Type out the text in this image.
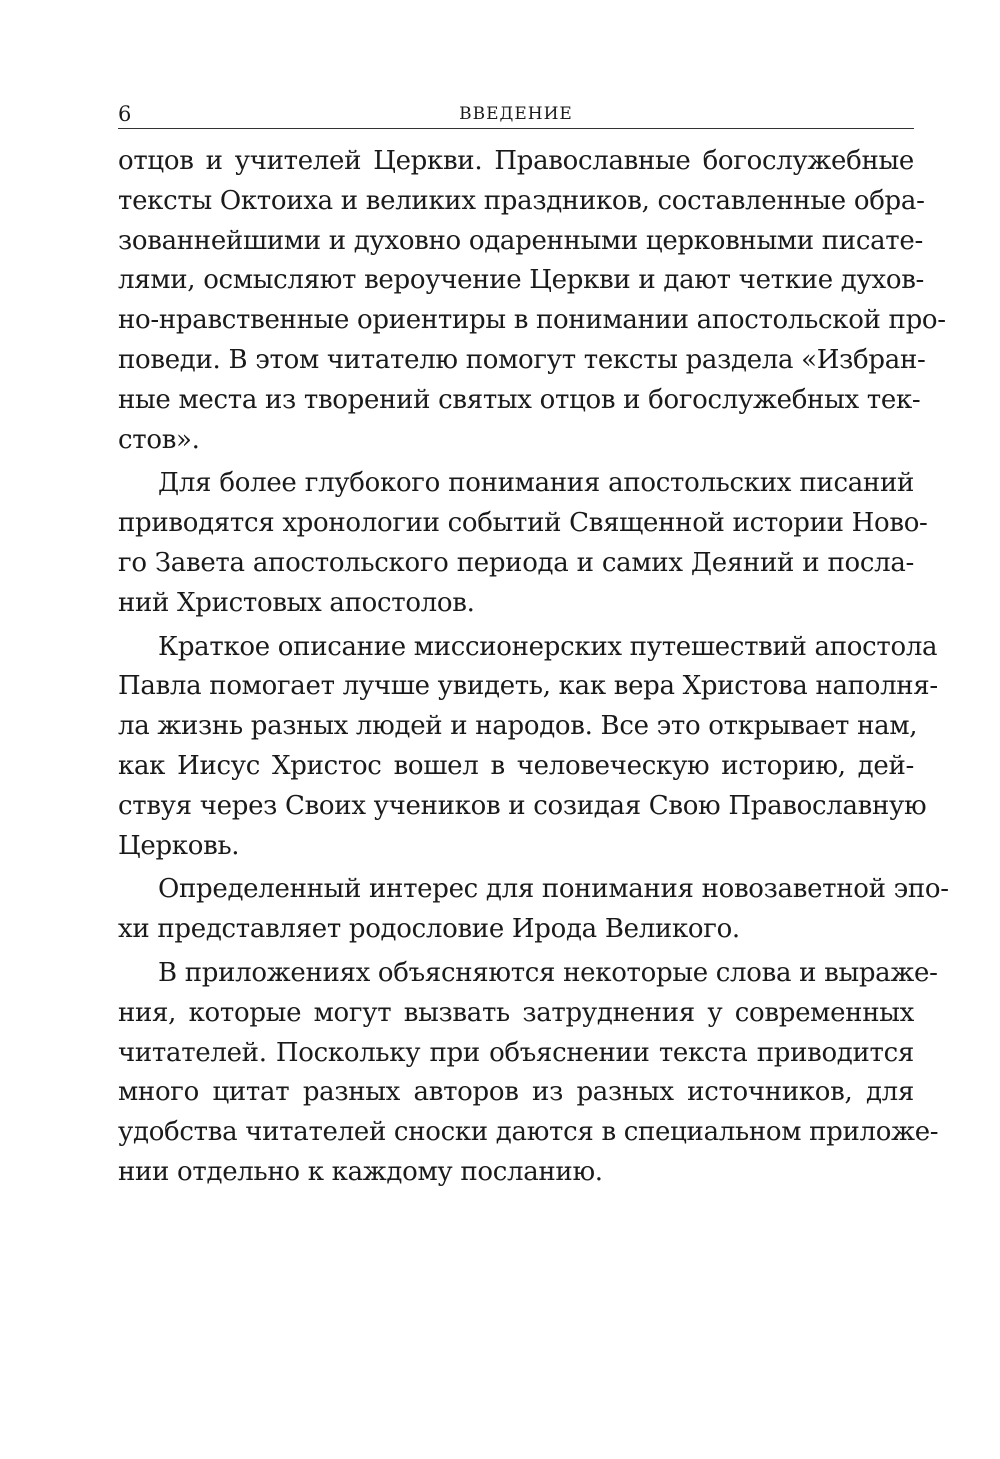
6	ВВЕДЕНИЕ

отцов и учителей Церкви. Православные богослужебные
тексты Октоиха и великих праздников, составленные обра-
зованнейшими и духовно одаренными церковными писате-
лями, осмысляют вероучение Церкви и дают четкие духов-
но-нравственные ориентиры в понимании апостольской про-
поведи. В этом читателю помогут тексты раздела «Избран-
ные места из творений святых отцов и богослужебных тек-
стов».

Для более глубокого понимания апостольских писаний
приводятся хронологии событий Священной истории Ново-
го Завета апостольского периода и самих Деяний и посла-
ний Христовых апостолов.

Краткое описание миссионерских путешествий апостола
Павла помогает лучше увидеть, как вера Христова наполня-
ла жизнь разных людей и народов. Все это открывает нам,
как Иисус Христос вошел в человеческую историю, дей-
ствуя через Своих учеников и созидая Свою Православную
Церковь.

Определенный интерес для понимания новозаветной эпо-
хи представляет родословие Ирода Великого.

В приложениях объясняются некоторые слова и выраже-
ния, которые могут вызвать затруднения у современных
читателей. Поскольку при объяснении текста приводится
много цитат разных авторов из разных источников, для
удобства читателей сноски даются в специальном приложе-
нии отдельно к каждому посланию.
